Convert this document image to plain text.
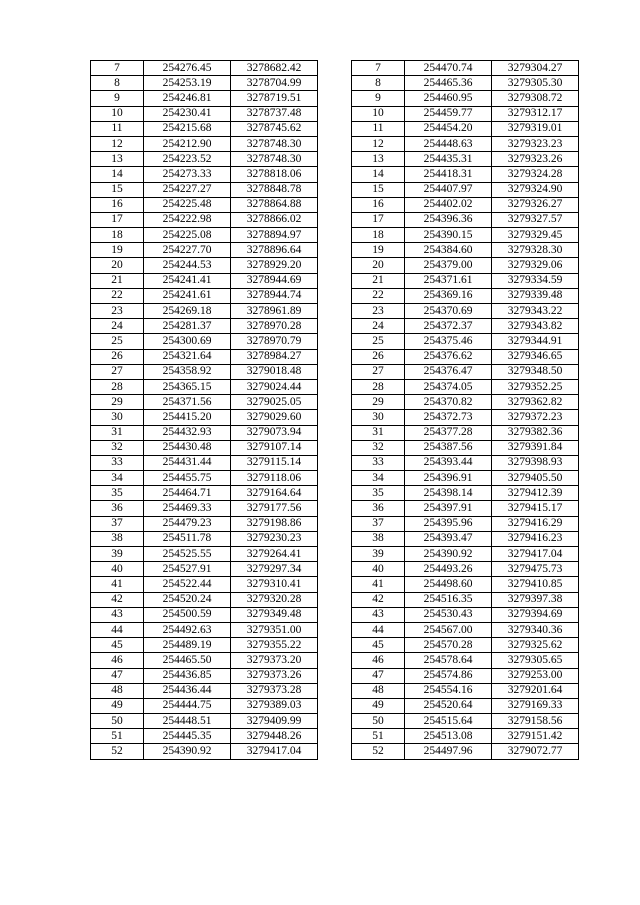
7	254276.45	3278682.42
8	254253.19	3278704.99
9	254246.81	3278719.51
10	254230.41	3278737.48
11	254215.68	3278745.62
12	254212.90	3278748.30
13	254223.52	3278748.30
14	254273.33	3278818.06
15	254227.27	3278848.78
16	254225.48	3278864.88
17	254222.98	3278866.02
18	254225.08	3278894.97
19	254227.70	3278896.64
20	254244.53	3278929.20
21	254241.41	3278944.69
22	254241.61	3278944.74
23	254269.18	3278961.89
24	254281.37	3278970.28
25	254300.69	3278970.79
26	254321.64	3278984.27
27	254358.92	3279018.48
28	254365.15	3279024.44
29	254371.56	3279025.05
30	254415.20	3279029.60
31	254432.93	3279073.94
32	254430.48	3279107.14
33	254431.44	3279115.14
34	254455.75	3279118.06
35	254464.71	3279164.64
36	254469.33	3279177.56
37	254479.23	3279198.86
38	254511.78	3279230.23
39	254525.55	3279264.41
40	254527.91	3279297.34
41	254522.44	3279310.41
42	254520.24	3279320.28
43	254500.59	3279349.48
44	254492.63	3279351.00
45	254489.19	3279355.22
46	254465.50	3279373.20
47	254436.85	3279373.26
48	254436.44	3279373.28
49	254444.75	3279389.03
50	254448.51	3279409.99
51	254445.35	3279448.26
52	254390.92	3279417.04
7	254470.74	3279304.27
8	254465.36	3279305.30
9	254460.95	3279308.72
10	254459.77	3279312.17
11	254454.20	3279319.01
12	254448.63	3279323.23
13	254435.31	3279323.26
14	254418.31	3279324.28
15	254407.97	3279324.90
16	254402.02	3279326.27
17	254396.36	3279327.57
18	254390.15	3279329.45
19	254384.60	3279328.30
20	254379.00	3279329.06
21	254371.61	3279334.59
22	254369.16	3279339.48
23	254370.69	3279343.22
24	254372.37	3279343.82
25	254375.46	3279344.91
26	254376.62	3279346.65
27	254376.47	3279348.50
28	254374.05	3279352.25
29	254370.82	3279362.82
30	254372.73	3279372.23
31	254377.28	3279382.36
32	254387.56	3279391.84
33	254393.44	3279398.93
34	254396.91	3279405.50
35	254398.14	3279412.39
36	254397.91	3279415.17
37	254395.96	3279416.29
38	254393.47	3279416.23
39	254390.92	3279417.04
40	254493.26	3279475.73
41	254498.60	3279410.85
42	254516.35	3279397.38
43	254530.43	3279394.69
44	254567.00	3279340.36
45	254570.28	3279325.62
46	254578.64	3279305.65
47	254574.86	3279253.00
48	254554.16	3279201.64
49	254520.64	3279169.33
50	254515.64	3279158.56
51	254513.08	3279151.42
52	254497.96	3279072.77
